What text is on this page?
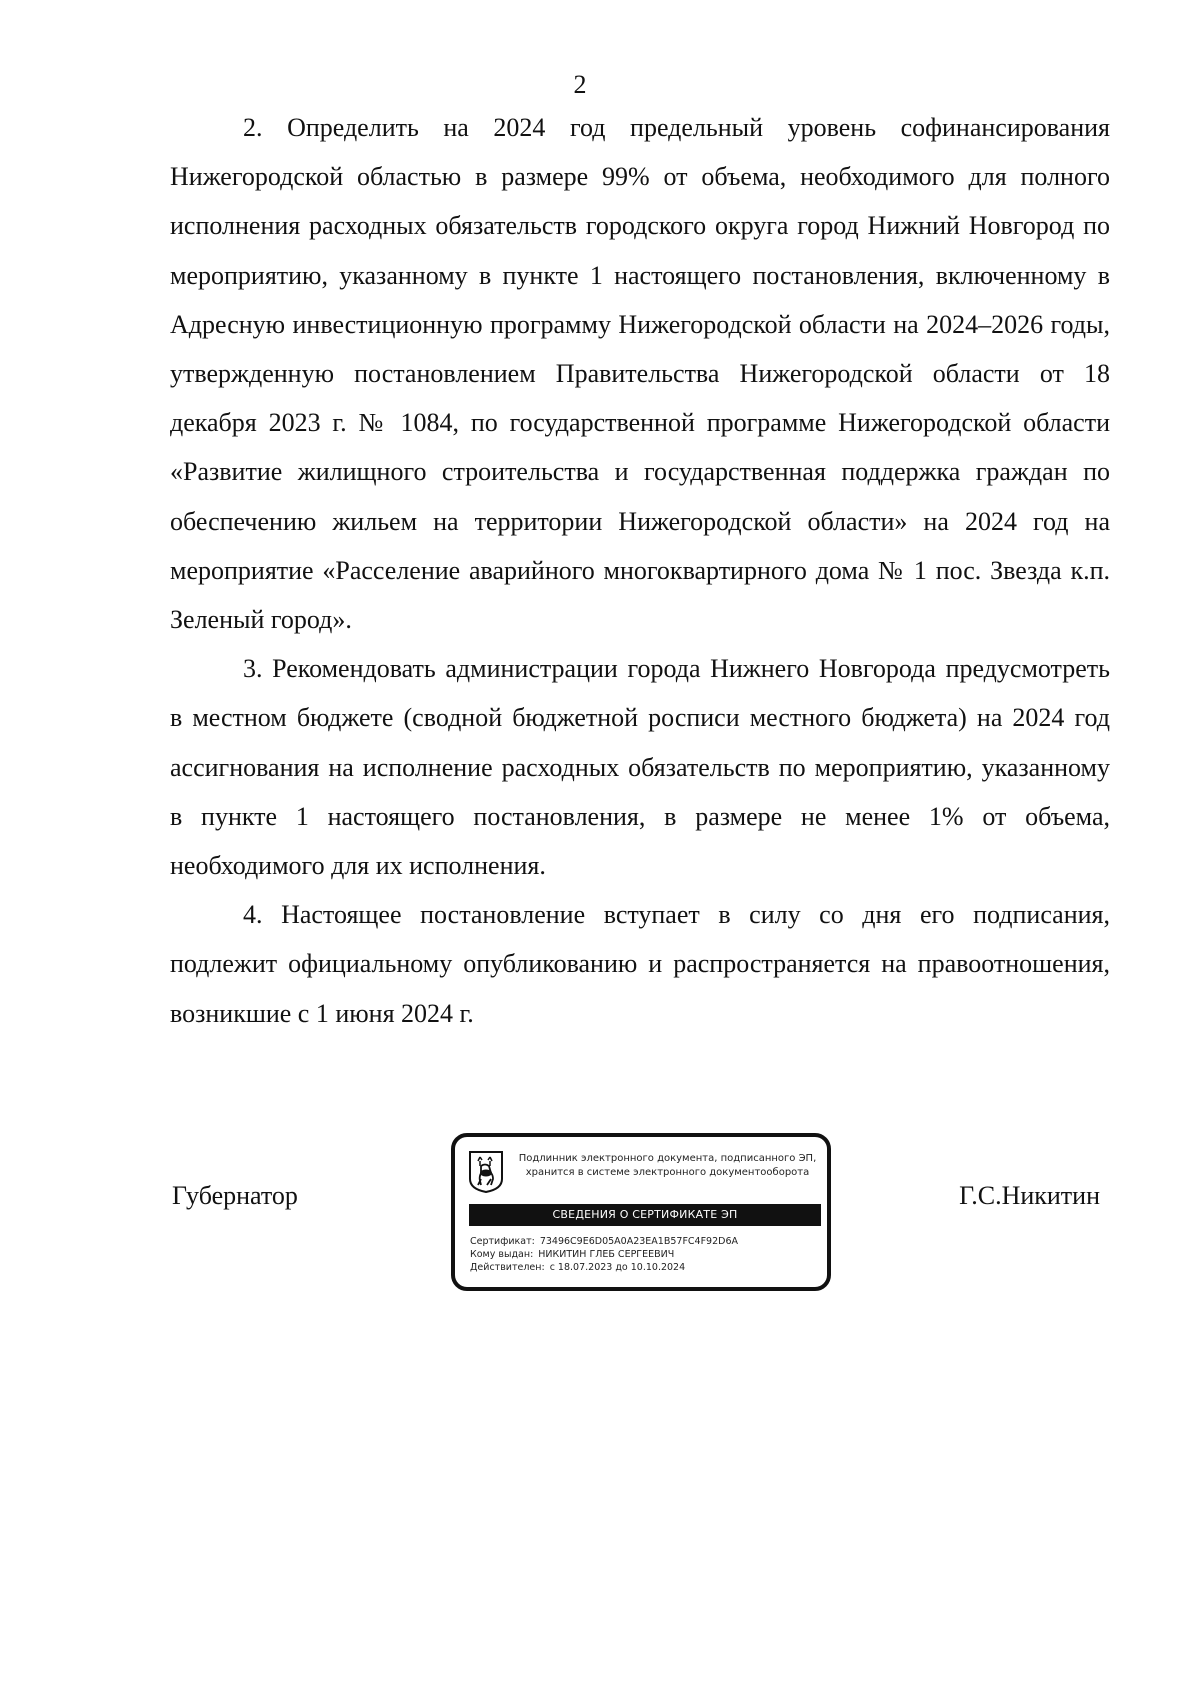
2

2. Определить на 2024 год предельный уровень софинансирования Нижегородской областью в размере 99% от объема, необходимого для полного исполнения расходных обязательств городского округа город Нижний Новгород по мероприятию, указанному в пункте 1 настоящего постановления, включенному в Адресную инвестиционную программу Нижегородской области на 2024–2026 годы, утвержденную постановлением Правительства Нижегородской области от 18 декабря 2023 г. № 1084, по государственной программе Нижегородской области «Развитие жилищного строительства и государственная поддержка граждан по обеспечению жильем на территории Нижегородской области» на 2024 год на мероприятие «Расселение аварийного многоквартирного дома № 1 пос. Звезда к.п. Зеленый город».

3. Рекомендовать администрации города Нижнего Новгорода предусмотреть в местном бюджете (сводной бюджетной росписи местного бюджета) на 2024 год ассигнования на исполнение расходных обязательств по мероприятию, указанному в пункте 1 настоящего постановления, в размере не менее 1% от объема, необходимого для их исполнения.

4. Настоящее постановление вступает в силу со дня его подписания, подлежит официальному опубликованию и распространяется на правоотношения, возникшие с 1 июня 2024 г.

Губернатор	Г.С.Никитин
Подлинник электронного документа, подписанного ЭП,
хранится в системе электронного документооборота
СВЕДЕНИЯ О СЕРТИФИКАТЕ ЭП
Сертификат: 73496C9E6D05A0A23EA1B57FC4F92D6A
Кому выдан: НИКИТИН ГЛЕБ СЕРГЕЕВИЧ
Действителен: с 18.07.2023 до 10.10.2024
